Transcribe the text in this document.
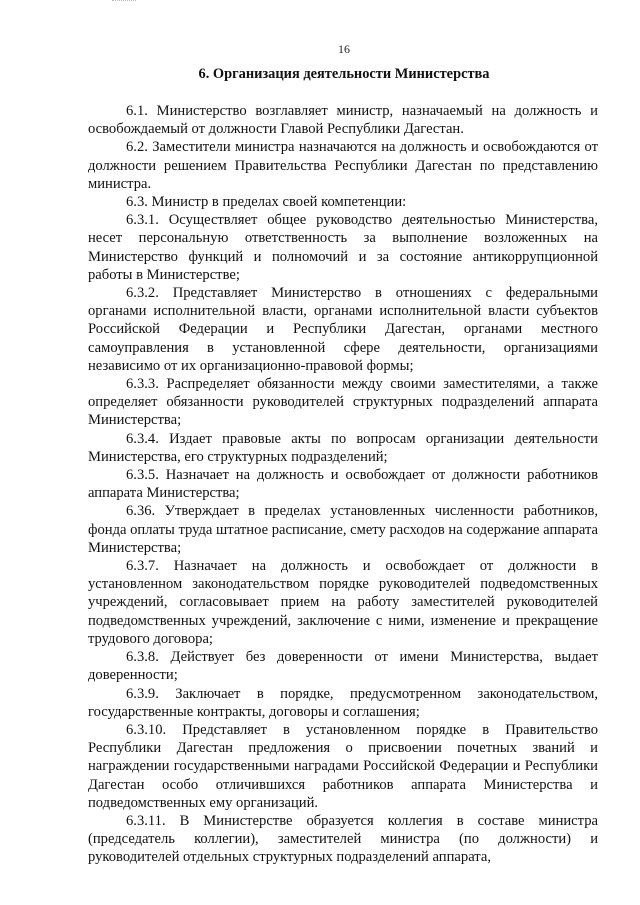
16
6. Организация деятельности Министерства

6.1. Министерство возглавляет министр, назначаемый на должность и освобождаемый от должности Главой Республики Дагестан.

6.2. Заместители министра назначаются на должность и освобождаются от должности решением Правительства Республики Дагестан по представлению министра.

6.3. Министр в пределах своей компетенции:

6.3.1. Осуществляет общее руководство деятельностью Министерства, несет персональную ответственность за выполнение возложенных на Министерство функций и полномочий и за состояние антикоррупционной работы в Министерстве;

6.3.2. Представляет Министерство в отношениях с федеральными органами исполнительной власти, органами исполнительной власти субъектов Российской Федерации и Республики Дагестан, органами местного самоуправления в установленной сфере деятельности, организациями независимо от их организационно-правовой формы;

6.3.3. Распределяет обязанности между своими заместителями, а также определяет обязанности руководителей структурных подразделений аппарата Министерства;

6.3.4. Издает правовые акты по вопросам организации деятельности Министерства, его структурных подразделений;

6.3.5. Назначает на должность и освобождает от должности работников аппарата Министерства;

6.36. Утверждает в пределах установленных численности работников, фонда оплаты труда штатное расписание, смету расходов на содержание аппарата Министерства;

6.3.7. Назначает на должность и освобождает от должности в установленном законодательством порядке руководителей подведомственных учреждений, согласовывает прием на работу заместителей руководителей подведомственных учреждений, заключение с ними, изменение и прекращение трудового договора;

6.3.8. Действует без доверенности от имени Министерства, выдает доверенности;

6.3.9. Заключает в порядке, предусмотренном законодательством, государственные контракты, договоры и соглашения;

6.3.10. Представляет в установленном порядке в Правительство Республики Дагестан предложения о присвоении почетных званий и награждении государственными наградами Российской Федерации и Республики Дагестан особо отличившихся работников аппарата Министерства и подведомственных ему организаций.

6.3.11. В Министерстве образуется коллегия в составе министра (председатель коллегии), заместителей министра (по должности) и руководителей отдельных структурных подразделений аппарата,
